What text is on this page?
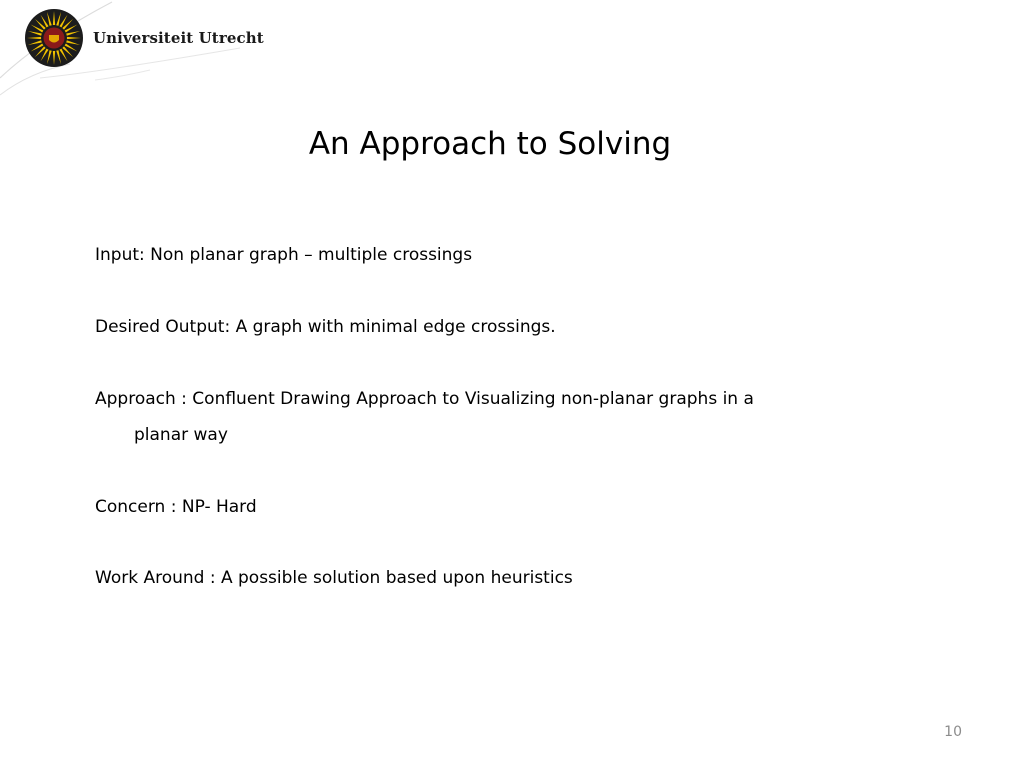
Universiteit Utrecht
An Approach to Solving
Input: Non planar graph – multiple crossings
Desired Output: A graph with minimal edge crossings.
Approach : Confluent Drawing Approach to Visualizing non-planar graphs in a
planar way
Concern : NP- Hard
Work Around : A possible solution based upon heuristics
10
